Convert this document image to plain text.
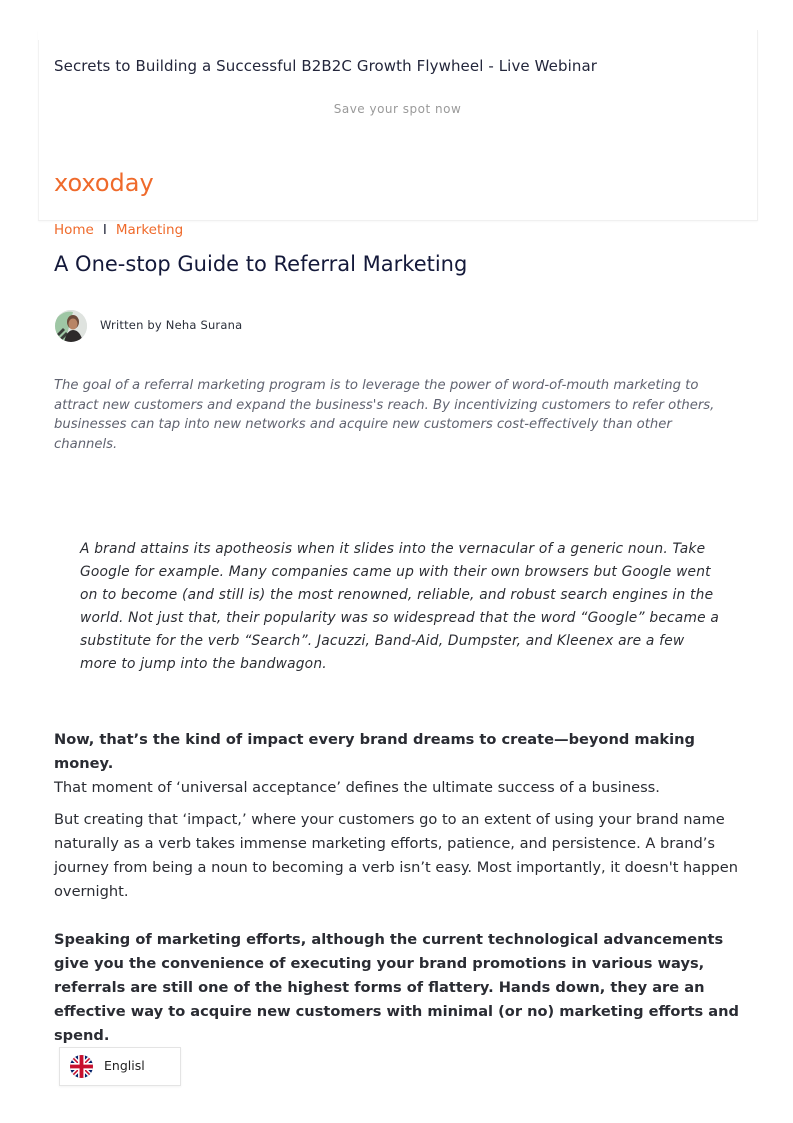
Secrets to Building a Successful B2B2C Growth Flywheel - Live Webinar
Save your spot now
xoxoday
Home I Marketing
A One-stop Guide to Referral Marketing
Written by Neha Surana

The goal of a referral marketing program is to leverage the power of word-of-mouth marketing to attract new customers and expand the business's reach. By incentivizing customers to refer others, businesses can tap into new networks and acquire new customers cost-effectively than other channels.

A brand attains its apotheosis when it slides into the vernacular of a generic noun. Take Google for example. Many companies came up with their own browsers but Google went on to become (and still is) the most renowned, reliable, and robust search engines in the world. Not just that, their popularity was so widespread that the word “Google” became a substitute for the verb “Search”. Jacuzzi, Band-Aid, Dumpster, and Kleenex are a few more to jump into the bandwagon.

Now, that’s the kind of impact every brand dreams to create—beyond making money.
That moment of ‘universal acceptance’ defines the ultimate success of a business.

But creating that ‘impact,’ where your customers go to an extent of using your brand name naturally as a verb takes immense marketing efforts, patience, and persistence. A brand’s journey from being a noun to becoming a verb isn’t easy. Most importantly, it doesn't happen overnight.

Speaking of marketing efforts, although the current technological advancements give you the convenience of executing your brand promotions in various ways, referrals are still one of the highest forms of flattery. Hands down, they are an effective way to acquire new customers with minimal (or no) marketing efforts and spend.

Englisl
